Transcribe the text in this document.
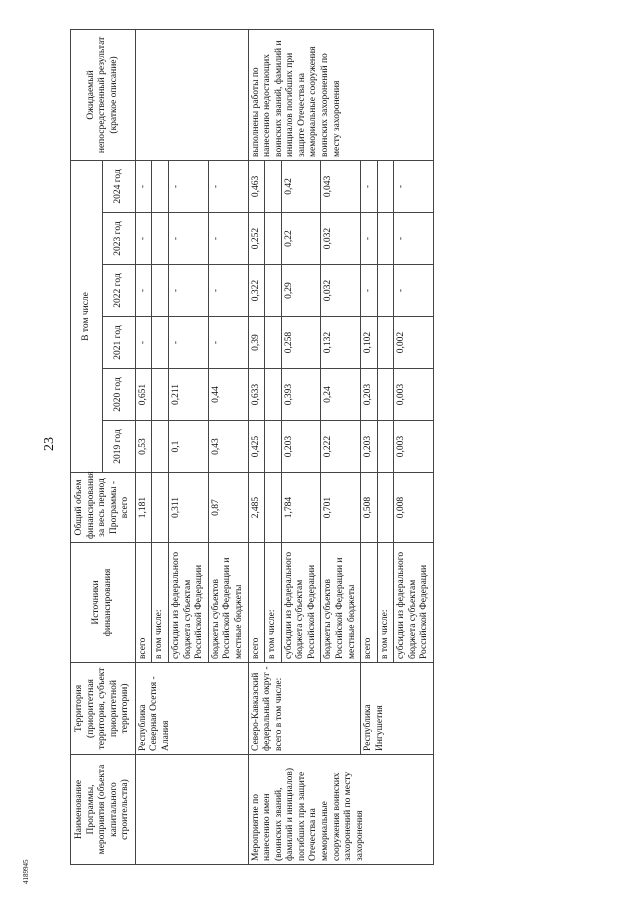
23
4189945
Наименование Программы, мероприятия (объекта капитального строительства)	Территория (приоритетная территория, субъект приоритетной территории)	Источники финансирования	Общий объем финансирования за весь период Программы - всего	В том числе						Ожидаемый непосредственный результат (краткое описание)
				2019 год	2020 год	2021 год	2022 год	2023 год	2024 год	
	Республика Северная Осетия - Алания	всего	1,181	0,53	0,651	-	-	-	-	
		в том числе:								
		субсидии из федерального бюджета субъектам Российской Федерации	0,311	0,1	0,211	-	-	-	-	
		бюджеты субъектов Российской Федерации и местные бюджеты	0,87	0,43	0,44	-	-	-	-	
Мероприятие по нанесению имен (воинских званий, фамилий и инициалов) погибших при защите Отечества на мемориальные сооружения воинских захоронений по месту захоронения	Северо-Кавказский федеральный округ - всего в том числе:	всего	2,485	0,425	0,633	0,39	0,322	0,252	0,463	выполнены работы по нанесению недостающих воинских званий, фамилий и инициалов погибших при защите Отечества на мемориальные сооружения воинских захоронений по месту захоронения
		в том числе:								
		субсидии из федерального бюджета субъектам Российской Федерации	1,784	0,203	0,393	0,258	0,29	0,22	0,42	
		бюджеты субъектов Российской Федерации и местные бюджеты	0,701	0,222	0,24	0,132	0,032	0,032	0,043	
	Республика Ингушетия	всего	0,508	0,203	0,203	0,102	-	-	-	
		в том числе:								
		субсидии из федерального бюджета субъектам Российской Федерации	0,008	0,003	0,003	0,002	-	-	-	
